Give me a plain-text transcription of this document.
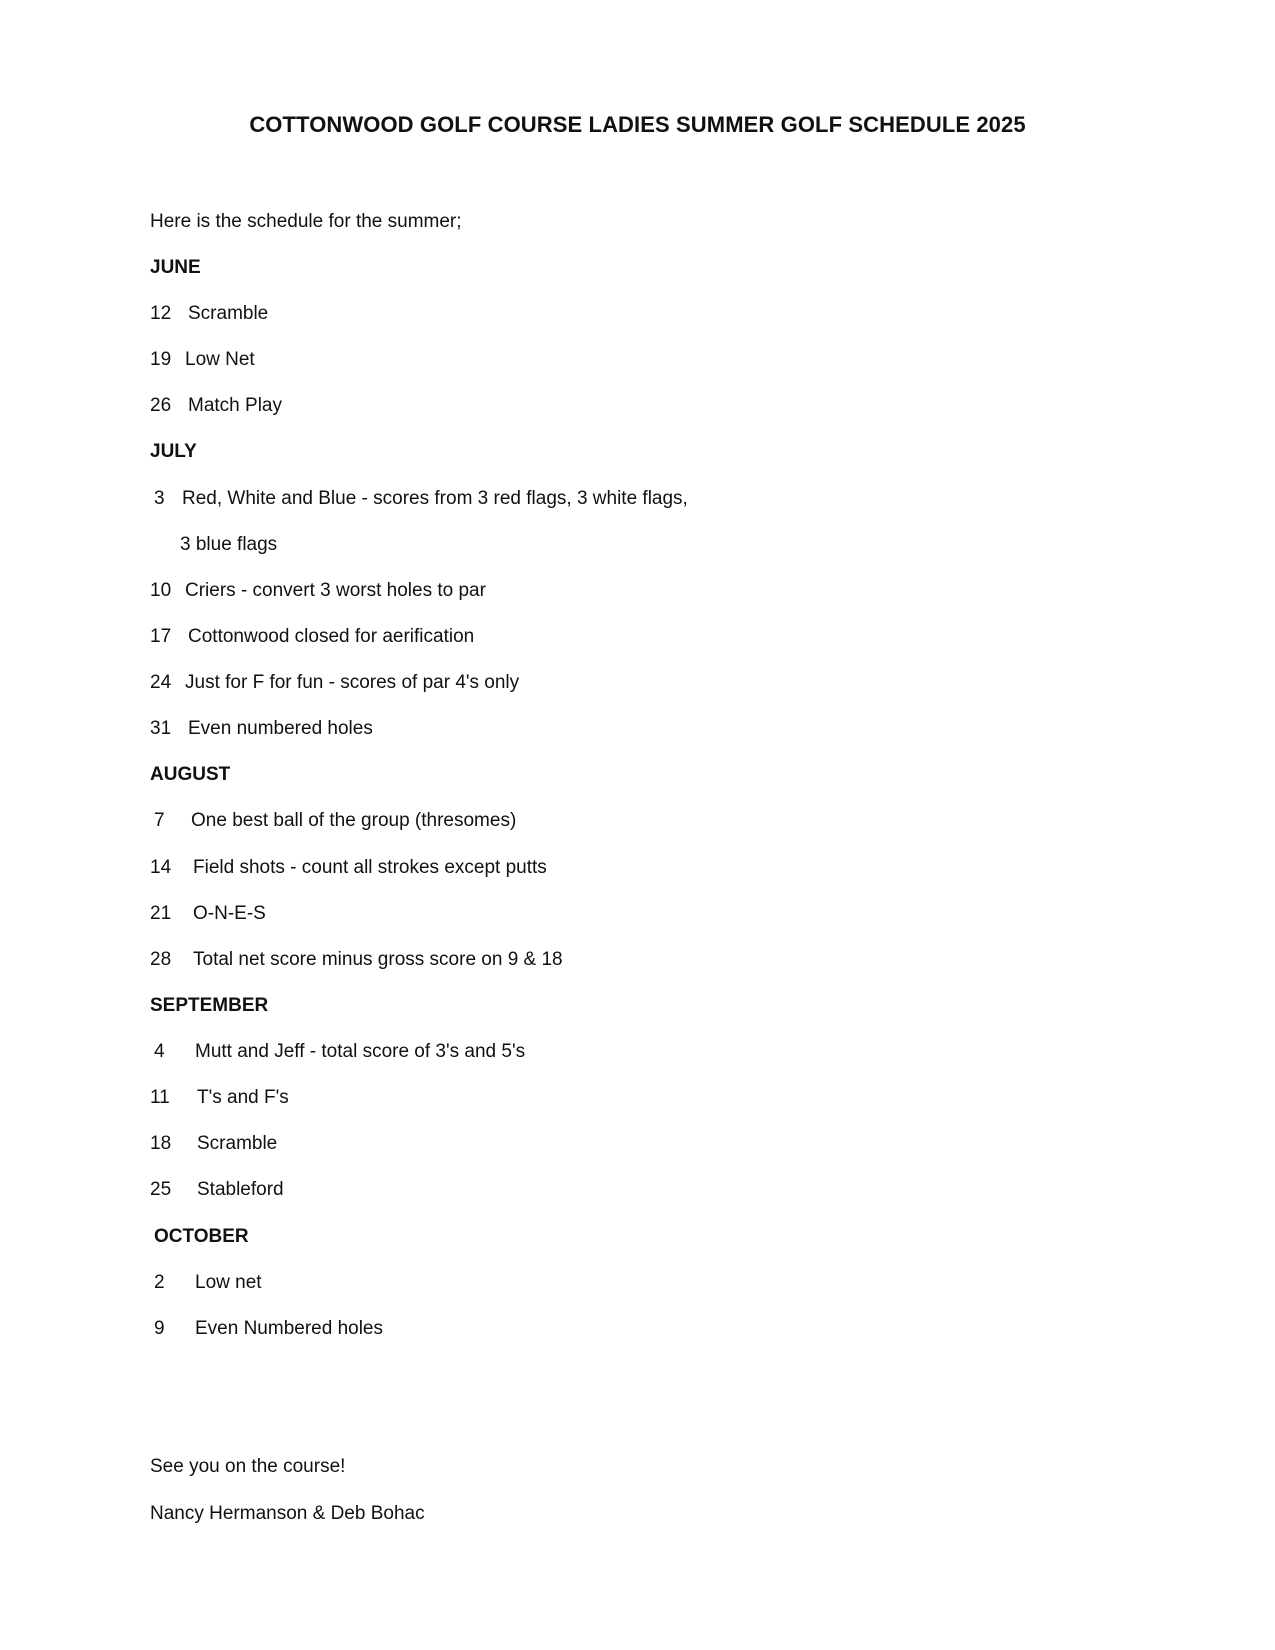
COTTONWOOD GOLF COURSE LADIES SUMMER GOLF SCHEDULE 2025
Here is the schedule for the summer;
JUNE
12 Scramble
19 Low Net
26 Match Play
JULY
3 Red, White and Blue - scores from 3 red flags, 3 white flags,
3 blue flags
10 Criers - convert 3 worst holes to par
17 Cottonwood closed for aerification
24 Just for F for fun - scores of par 4's only
31 Even numbered holes
AUGUST
7 One best ball of the group (thresomes)
14 Field shots - count all strokes except putts
21 O-N-E-S
28 Total net score minus gross score on 9 & 18
SEPTEMBER
4 Mutt and Jeff - total score of 3's and 5's
11 T's and F's
18 Scramble
25 Stableford
OCTOBER
2 Low net
9 Even Numbered holes
See you on the course!
Nancy Hermanson & Deb Bohac
